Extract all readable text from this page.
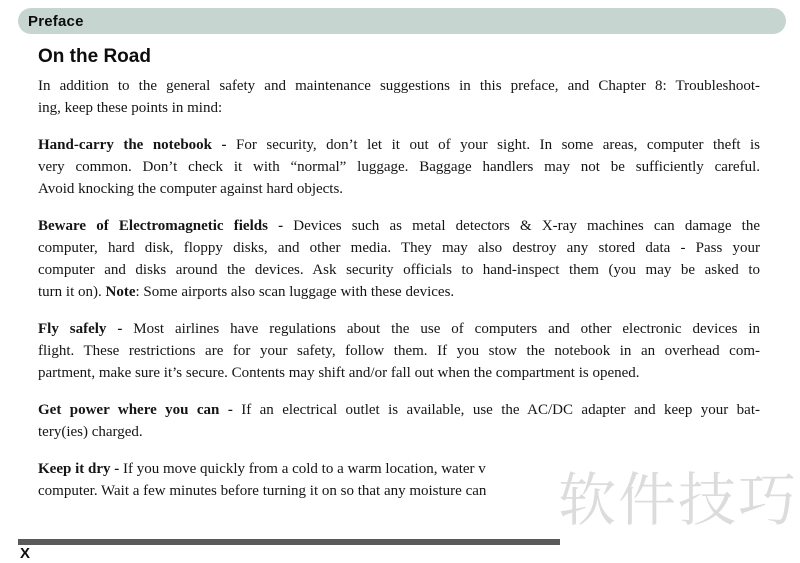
Preface
On the Road
In addition to the general safety and maintenance suggestions in this preface, and Chapter 8: Troubleshoot-
ing, keep these points in mind:
Hand-carry the notebook - For security, don’t let it out of your sight. In some areas, computer theft is
very common. Don’t check it with “normal” luggage. Baggage handlers may not be sufficiently careful.
Avoid knocking the computer against hard objects.
Beware of Electromagnetic fields - Devices such as metal detectors & X-ray machines can damage the
computer, hard disk, floppy disks, and other media. They may also destroy any stored data - Pass your
computer and disks around the devices. Ask security officials to hand-inspect them (you may be asked to
turn it on). Note: Some airports also scan luggage with these devices.
Fly safely - Most airlines have regulations about the use of computers and other electronic devices in
flight. These restrictions are for your safety, follow them. If you stow the notebook in an overhead com-
partment, make sure it’s secure. Contents may shift and/or fall out when the compartment is opened.
Get power where you can - If an electrical outlet is available, use the AC/DC adapter and keep your bat-
tery(ies) charged.
Keep it dry - If you move quickly from a cold to a warm location, water v
computer. Wait a few minutes before turning it on so that any moisture can	软件技巧
X
